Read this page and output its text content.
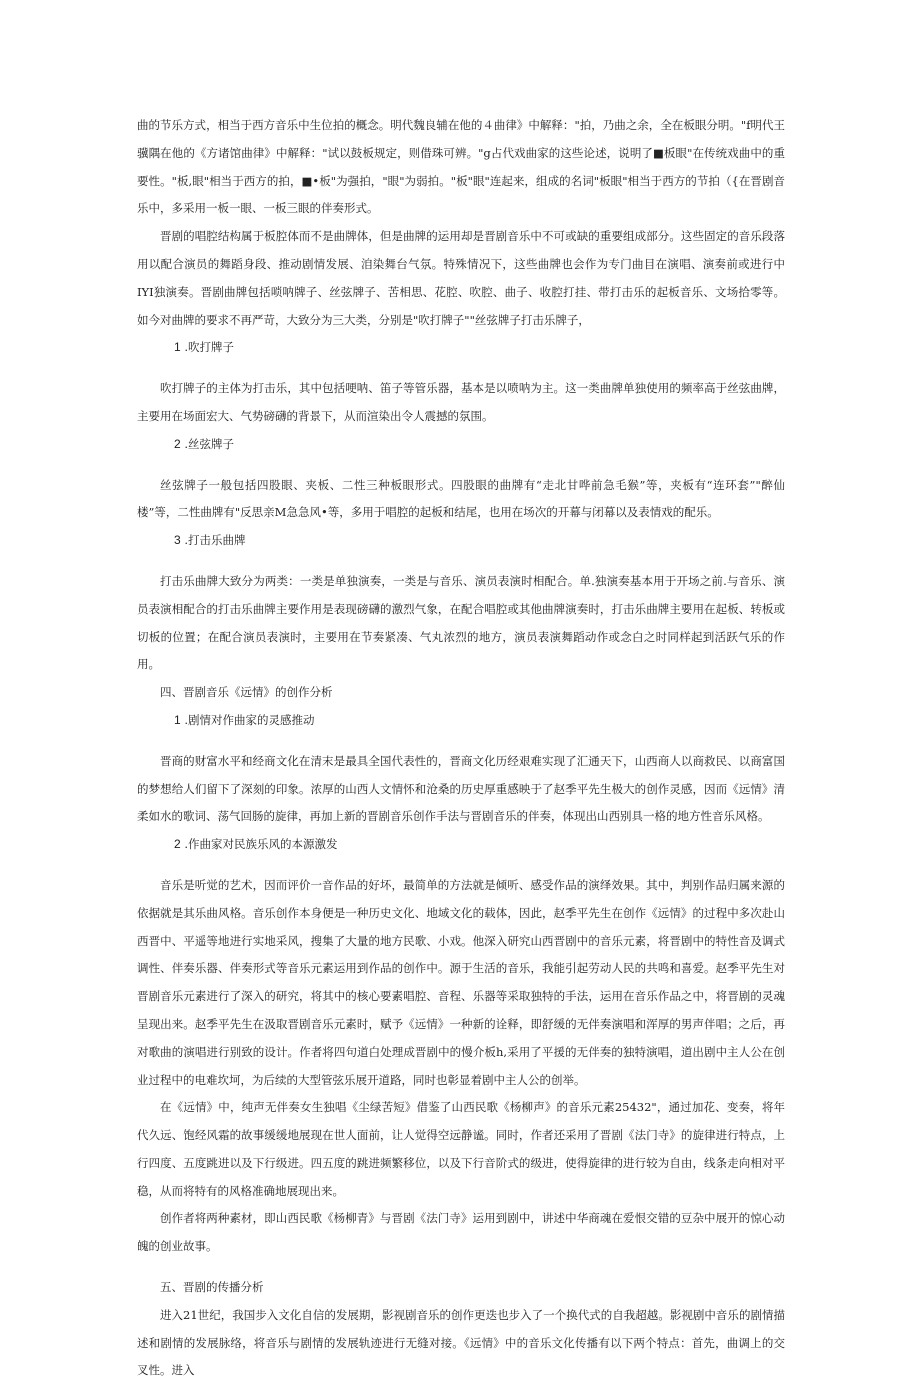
曲的节乐方式，相当于西方音乐中生位拍的概念。明代魏良辅在他的４曲律》中解释："拍，乃曲之余，全在板眼分明。"f明代王骥隅在他的《方诸馆曲律》中解释："试以鼓板规定，则借珠可辨。"g占代戏曲家的这些论述，说明了■板眼"在传统戏曲中的重要性。"板,眼"相当于西方的拍，■•板"为强拍，"眼"为弱拍。"板"眼"连起来，组成的名词"板眼"相当于西方的节拍（{在晋剧音乐中，多采用一板一眼、一板三眼的伴奏形式。

晋剧的唱腔结构属于板腔体而不是曲牌体，但是曲牌的运用却是晋剧音乐中不可或缺的重要组成部分。这些固定的音乐段落用以配合演员的舞蹈身段、推动剧情发展、洎染舞台气氛。特殊情况下，这些曲牌也会作为专门曲目在演唱、演奏前或进行中IYI独演奏。晋剧曲牌包括唢呐牌子、丝弦牌子、苦相思、花腔、吹腔、曲子、收腔打挂、带打击乐的起板音乐、文场拾零等。如今对曲牌的要求不再严苛，大致分为三大类，分别是"吹打牌子""丝弦牌子打击乐牌子，

1 .吹打牌子

吹打牌子的主体为打击乐，其中包括哽呐、笛子等管乐器，基本是以喷呐为主。这一类曲牌单独使用的频率高于丝弦曲牌，主要用在场面宏大、气势磅礴的背景下，从而渲染出令人震撼的氛围。

2 .丝弦牌子

丝弦牌子一般包括四股眼、夹板、二性三种板眼形式。四股眼的曲牌有“走北甘哗前急毛猴”等，夹板有“连环套”"醉仙楼”等，二性曲牌有"反思亲M急急风•等，多用于唱腔的起板和结尾，也用在场次的开幕与闭幕以及表情戏的配乐。

3 .打击乐曲牌

打击乐曲牌大致分为两类：一类是单独演奏，一类是与音乐、演员表演时相配合。单.独演奏基本用于开场之前.与音乐、演员表演相配合的打击乐曲牌主要作用是表现磅礴的激烈气象，在配合唱腔或其他曲牌演奏时，打击乐曲牌主要用在起板、转板或切板的位置；在配合演员表演时，主要用在节奏紧凑、气丸浓烈的地方，演员表演舞蹈动作或念白之时同样起到活跃气乐的作用。

四、晋剧音乐《远情》的创作分析

1 .剧情对作曲家的灵感推动

晋商的财富水平和经商文化在清末是最具全国代表性的，晋商文化历经艰难实现了汇通天下，山西商人以商救民、以商富国的梦想给人们留下了深刻的印象。浓厚的山西人文情怀和沧桑的历史厚重感映于了赵季平先生极大的创作灵感，因而《远情》清柔如水的歌词、荡气回肠的旋律，再加上新的晋剧音乐创作手法与晋剧音乐的伴奏，体现出山西别具一格的地方性音乐风格。

2 .作曲家对民族乐风的本源激发

音乐是听觉的艺术，因而评价一音作品的好坏，最简单的方法就是倾听、感受作品的演绎效果。其中，判别作品归属来源的依据就是其乐曲风格。音乐创作本身便是一种历史文化、地域文化的载体，因此，赵季平先生在创作《远情》的过程中多次赴山西晋中、平遥等地进行实地采风，搜集了大量的地方民歌、小戏。他深入研究山西晋剧中的音乐元素，将晋剧中的特性音及调式调性、伴奏乐器、伴奏形式等音乐元素运用到作品的创作中。源于生活的音乐，我能引起劳动人民的共鸣和喜爱。赵季平先生对晋剧音乐元素进行了深入的研究，将其中的核心要素唱腔、音程、乐器等采取独特的手法，运用在音乐作品之中，将晋剧的灵魂呈现出来。赵季平先生在汲取晋剧音乐元素时，赋予《远情》一种新的诠释，即舒缓的无伴奏演唱和浑厚的男声伴唱；之后，再对歌曲的演唱进行别致的设计。作者将四句道白处理成晋剧中的慢介板h,采用了平援的无伴奏的独特演唱，道出剧中主人公在创业过程中的电难坎坷，为后续的大型管弦乐展开道路，同时也彰显着剧中主人公的创举。

在《远情》中，纯声无伴奏女生独唱《尘绿苦短》借鉴了山西民歌《杨柳声》的音乐元素25432"，通过加花、变奏，将年代久远、饱经风霜的故事缓缓地展现在世人面前，让人觉得空远静谧。同时，作者还采用了晋剧《法门寺》的旋律进行特点，上行四度、五度跳进以及下行级进。四五度的跳进频繁移位，以及下行音阶式的级进，使得旋律的进行较为自由，线条走向相对平稳，从而将特有的风格准确地展现出来。

创作者将两种素材，即山西民歌《杨柳青》与晋剧《法门寺》运用到剧中，讲述中华商魂在爱恨交错的豆杂中展开的惊心动魄的创业故事。

五、晋剧的传播分析

进入21世纪，我国步入文化自信的发展期，影视剧音乐的创作更迭也步入了一个换代式的自我超越。影视剧中音乐的剧情描述和剧情的发展脉络，将音乐与剧情的发展轨迹进行无缝对接。《远情》中的音乐文化传播有以下两个特点：首先，曲调上的交叉性。进入
